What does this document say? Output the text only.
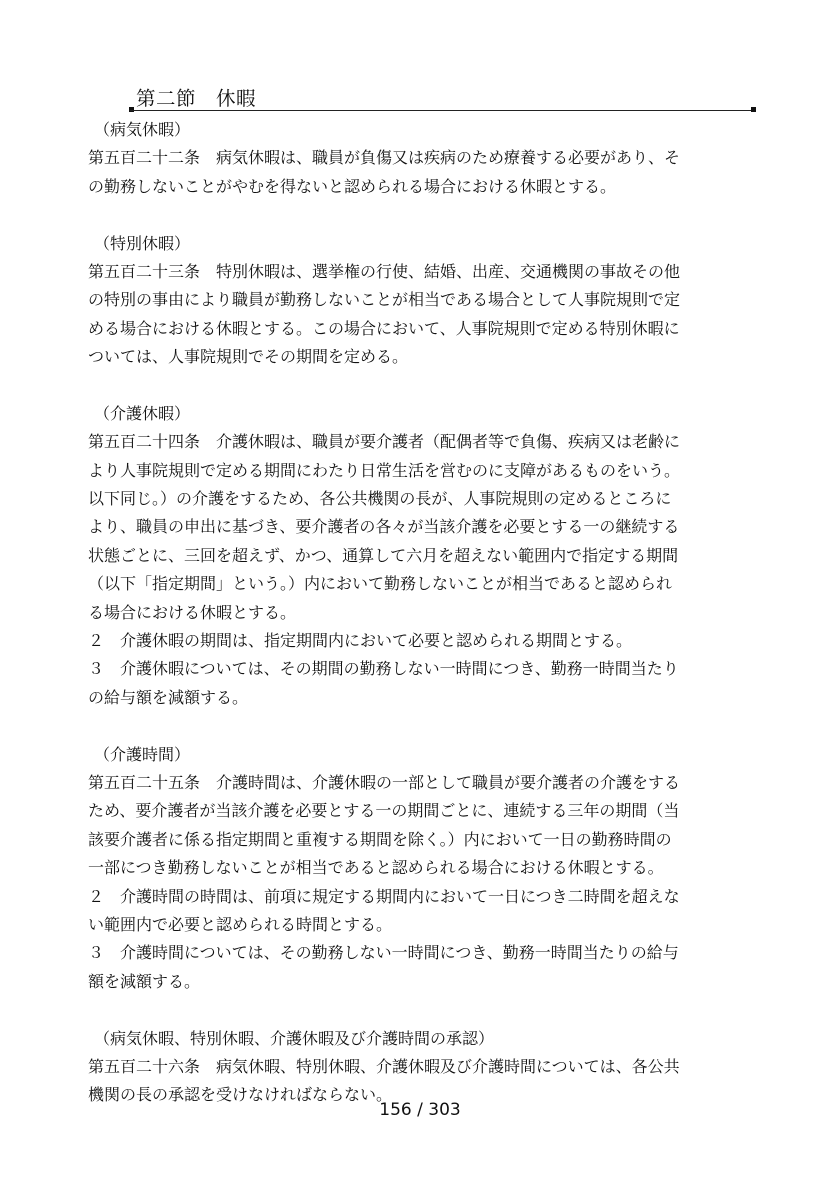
第二節　休暇
（病気休暇）
第五百二十二条　病気休暇は、職員が負傷又は疾病のため療養する必要があり、そ
の勤務しないことがやむを得ないと認められる場合における休暇とする。
（特別休暇）
第五百二十三条　特別休暇は、選挙権の行使、結婚、出産、交通機関の事故その他
の特別の事由により職員が勤務しないことが相当である場合として人事院規則で定
める場合における休暇とする。この場合において、人事院規則で定める特別休暇に
ついては、人事院規則でその期間を定める。
（介護休暇）
第五百二十四条　介護休暇は、職員が要介護者（配偶者等で負傷、疾病又は老齢に
より人事院規則で定める期間にわたり日常生活を営むのに支障があるものをいう。
以下同じ。）の介護をするため、各公共機関の長が、人事院規則の定めるところに
より、職員の申出に基づき、要介護者の各々が当該介護を必要とする一の継続する
状態ごとに、三回を超えず、かつ、通算して六月を超えない範囲内で指定する期間
（以下「指定期間」という。）内において勤務しないことが相当であると認められ
る場合における休暇とする。
２　介護休暇の期間は、指定期間内において必要と認められる期間とする。
３　介護休暇については、その期間の勤務しない一時間につき、勤務一時間当たり
の給与額を減額する。
（介護時間）
第五百二十五条　介護時間は、介護休暇の一部として職員が要介護者の介護をする
ため、要介護者が当該介護を必要とする一の期間ごとに、連続する三年の期間（当
該要介護者に係る指定期間と重複する期間を除く。）内において一日の勤務時間の
一部につき勤務しないことが相当であると認められる場合における休暇とする。
２　介護時間の時間は、前項に規定する期間内において一日につき二時間を超えな
い範囲内で必要と認められる時間とする。
３　介護時間については、その勤務しない一時間につき、勤務一時間当たりの給与
額を減額する。
（病気休暇、特別休暇、介護休暇及び介護時間の承認）
第五百二十六条　病気休暇、特別休暇、介護休暇及び介護時間については、各公共
機関の長の承認を受けなければならない。
156 / 303
